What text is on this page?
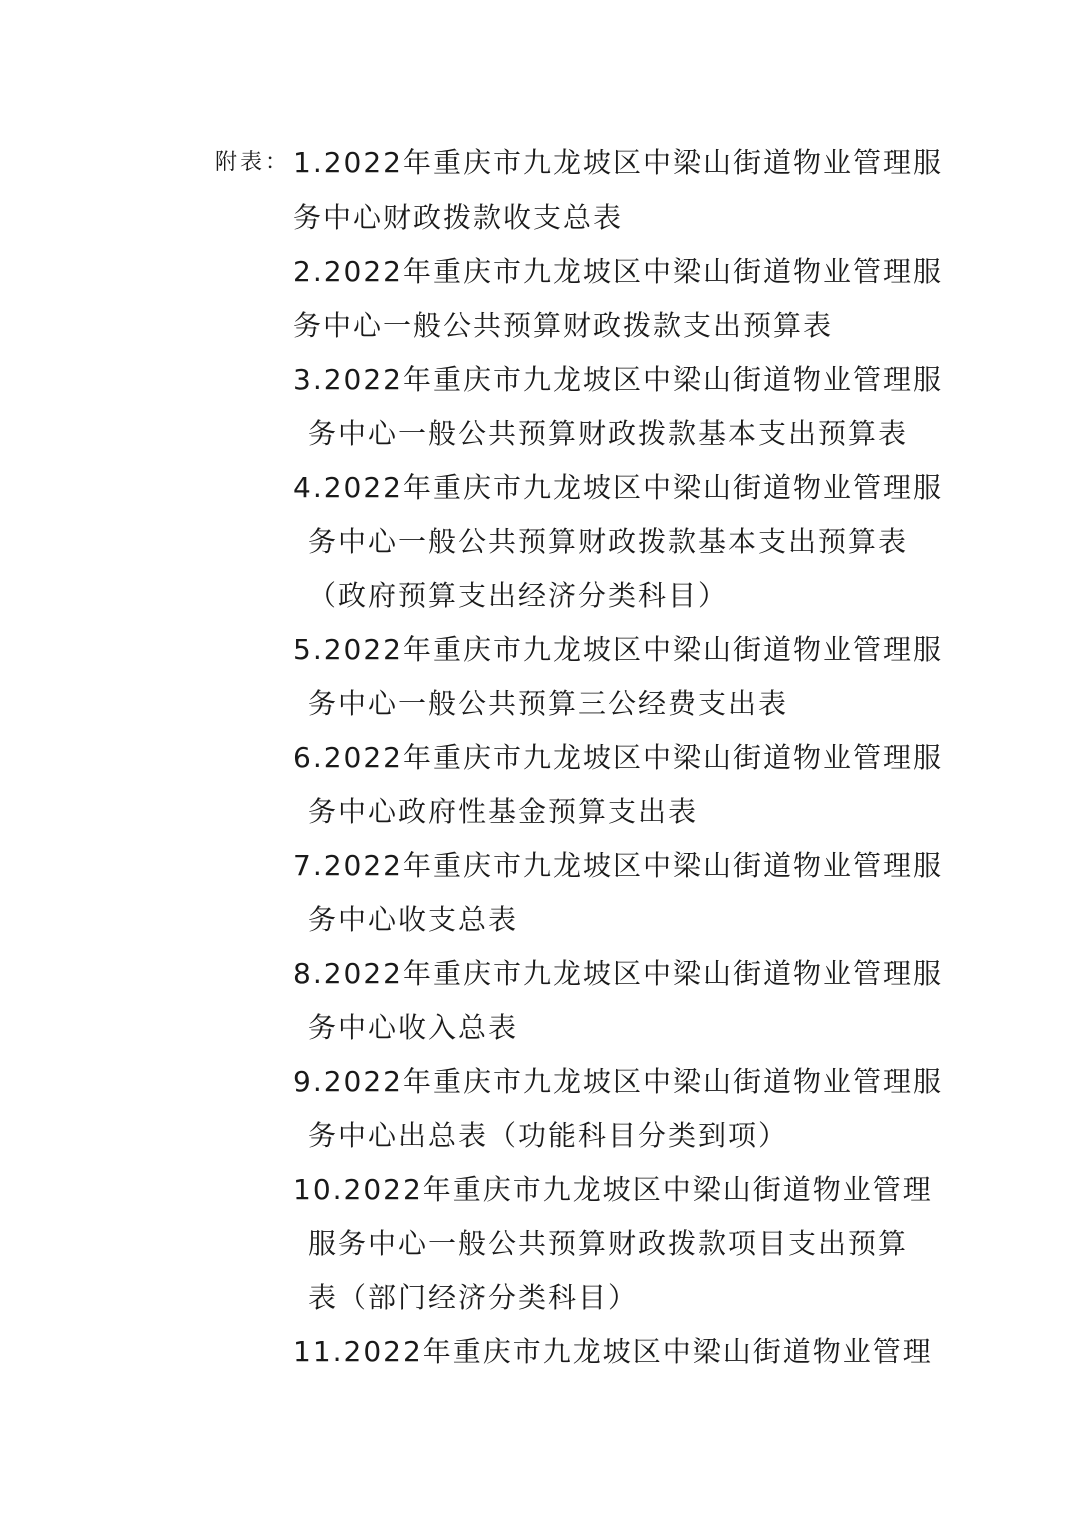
附表： 1.2022年重庆市九龙坡区中梁山街道物业管理服
务中心财政拨款收支总表
2.2022年重庆市九龙坡区中梁山街道物业管理服
务中心一般公共预算财政拨款支出预算表
3.2022年重庆市九龙坡区中梁山街道物业管理服
务中心一般公共预算财政拨款基本支出预算表
4.2022年重庆市九龙坡区中梁山街道物业管理服
务中心一般公共预算财政拨款基本支出预算表
（政府预算支出经济分类科目）
5.2022年重庆市九龙坡区中梁山街道物业管理服
务中心一般公共预算三公经费支出表
6.2022年重庆市九龙坡区中梁山街道物业管理服
务中心政府性基金预算支出表
7.2022年重庆市九龙坡区中梁山街道物业管理服
务中心收支总表
8.2022年重庆市九龙坡区中梁山街道物业管理服
务中心收入总表
9.2022年重庆市九龙坡区中梁山街道物业管理服
务中心出总表（功能科目分类到项）
10.2022年重庆市九龙坡区中梁山街道物业管理
服务中心一般公共预算财政拨款项目支出预算
表（部门经济分类科目）
11.2022年重庆市九龙坡区中梁山街道物业管理
